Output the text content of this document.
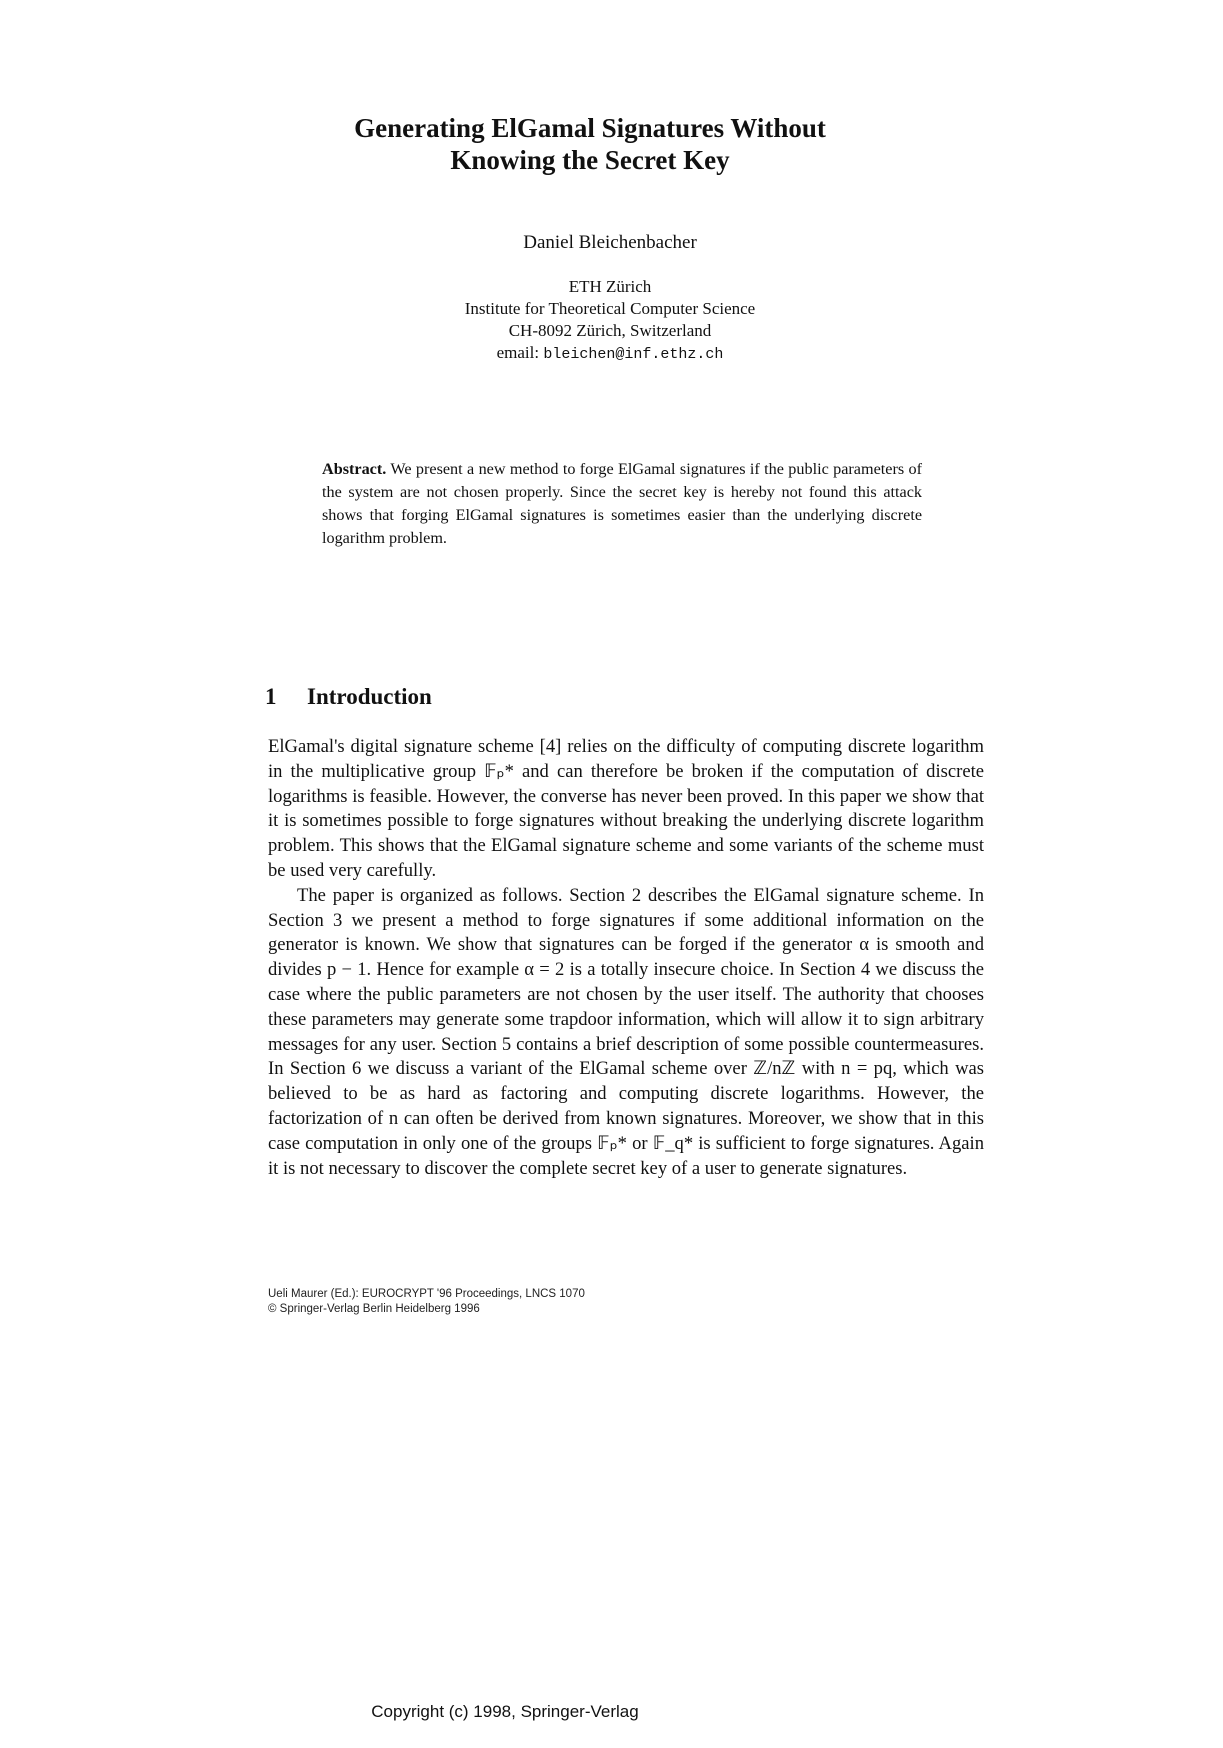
Generating ElGamal Signatures Without
Knowing the Secret Key
Daniel Bleichenbacher
ETH Zürich
Institute for Theoretical Computer Science
CH-8092 Zürich, Switzerland
email: bleichen@inf.ethz.ch
Abstract. We present a new method to forge ElGamal signatures if the public parameters of the system are not chosen properly. Since the secret key is hereby not found this attack shows that forging ElGamal signatures is sometimes easier than the underlying discrete logarithm problem.
1 Introduction

ElGamal's digital signature scheme [4] relies on the difficulty of computing discrete logarithm in the multiplicative group 𝔽ₚ* and can therefore be broken if the computation of discrete logarithms is feasible. However, the converse has never been proved. In this paper we show that it is sometimes possible to forge signatures without breaking the underlying discrete logarithm problem. This shows that the ElGamal signature scheme and some variants of the scheme must be used very carefully.

The paper is organized as follows. Section 2 describes the ElGamal signature scheme. In Section 3 we present a method to forge signatures if some additional information on the generator is known. We show that signatures can be forged if the generator α is smooth and divides p − 1. Hence for example α = 2 is a totally insecure choice. In Section 4 we discuss the case where the public parameters are not chosen by the user itself. The authority that chooses these parameters may generate some trapdoor information, which will allow it to sign arbitrary messages for any user. Section 5 contains a brief description of some possible countermeasures. In Section 6 we discuss a variant of the ElGamal scheme over ℤ/nℤ with n = pq, which was believed to be as hard as factoring and computing discrete logarithms. However, the factorization of n can often be derived from known signatures. Moreover, we show that in this case computation in only one of the groups 𝔽ₚ* or 𝔽_q* is sufficient to forge signatures. Again it is not necessary to discover the complete secret key of a user to generate signatures.

Ueli Maurer (Ed.): EUROCRYPT '96 Proceedings, LNCS 1070
© Springer-Verlag Berlin Heidelberg 1996
Copyright (c) 1998, Springer-Verlag
